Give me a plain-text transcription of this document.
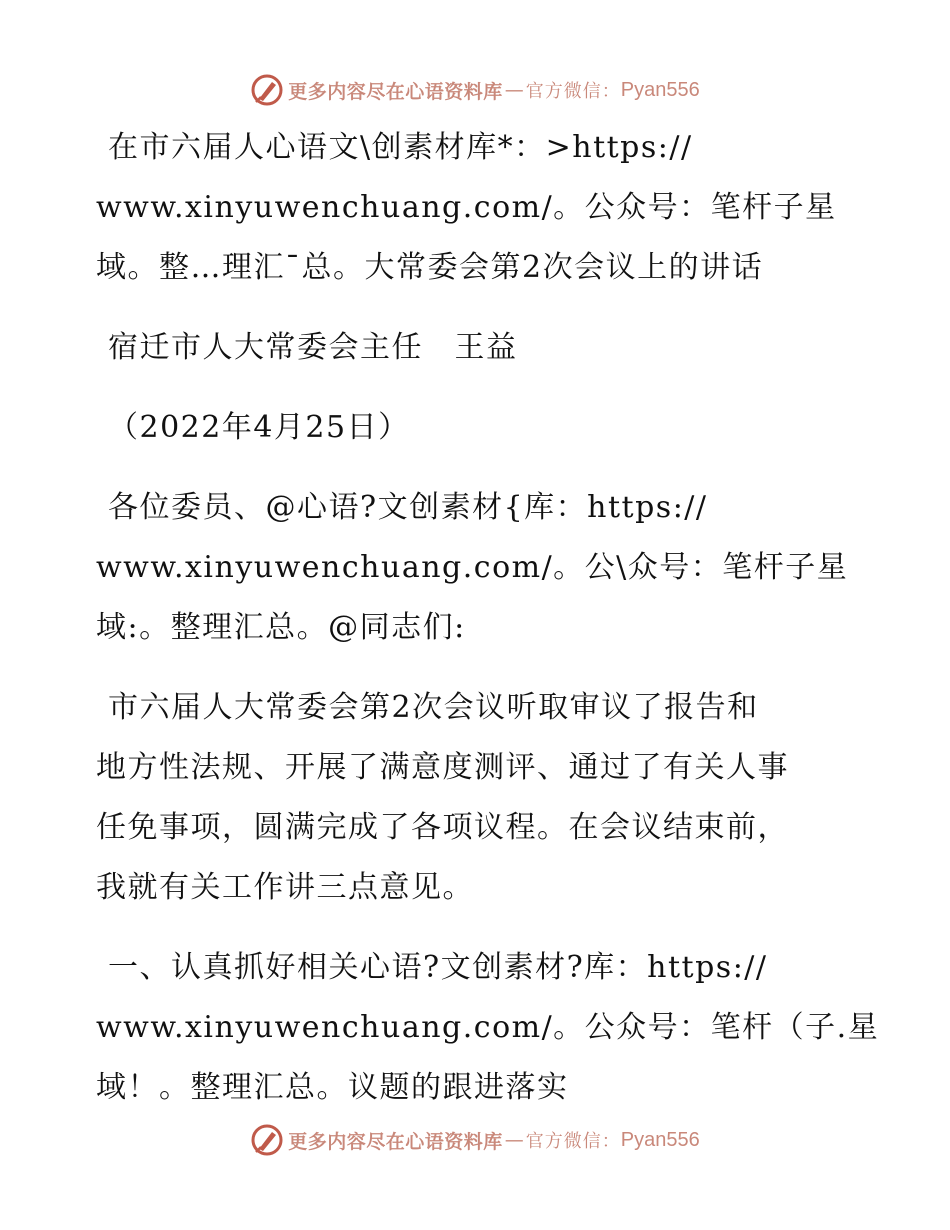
更多内容尽在心语资料库 — 官方微信： Pyan556
在市六届人心语文\创素材库*：>https://
www.xinyuwenchuang.com/。公众号：笔杆子星
域。整…理汇¯总。大常委会第2次会议上的讲话
宿迁市人大常委会主任　王益
（2022年4月25日）
各位委员、@心语?文创素材{库：https://
www.xinyuwenchuang.com/。公\众号：笔杆子星
域:。整理汇总。@同志们:
市六届人大常委会第2次会议听取审议了报告和
地方性法规、开展了满意度测评、通过了有关人事
任免事项，圆满完成了各项议程。在会议结束前，
我就有关工作讲三点意见。
一、认真抓好相关心语?文创素材?库：https://
www.xinyuwenchuang.com/。公众号：笔杆（子.星
域！。整理汇总。议题的跟进落实
更多内容尽在心语资料库 — 官方微信： Pyan556
